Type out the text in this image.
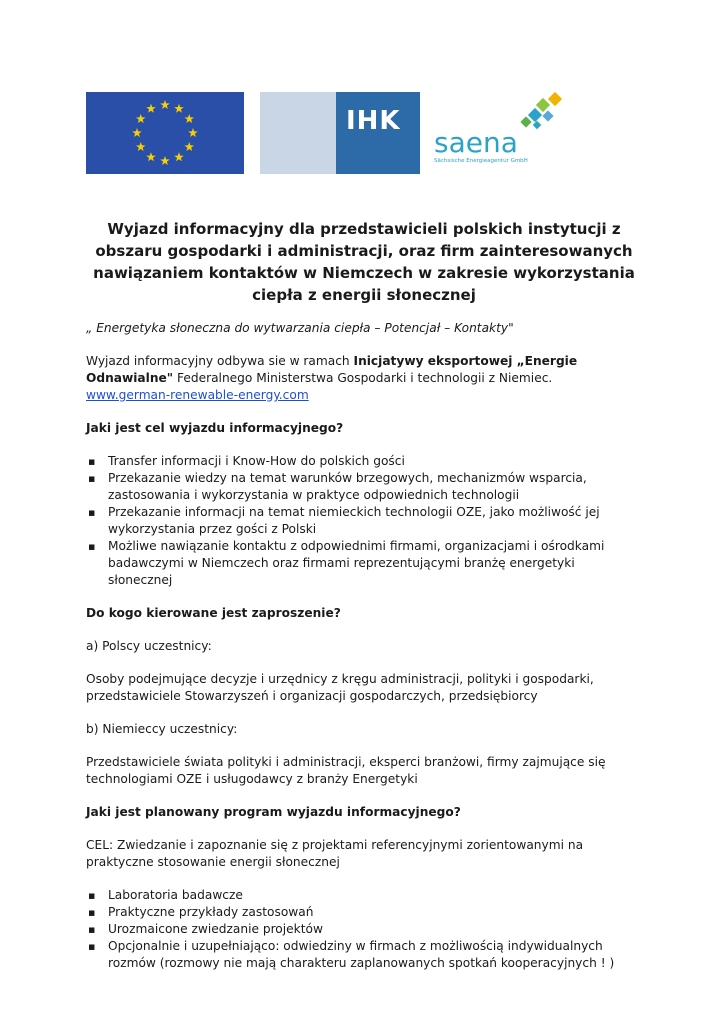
IHK
saena
Sächsische Energieagentur GmbH

Wyjazd informacyjny dla przedstawicieli polskich instytucji z obszaru gospodarki i administracji, oraz firm zainteresowanych nawiązaniem kontaktów w Niemczech w zakresie wykorzystania ciepła z energii słonecznej

„ Energetyka słoneczna do wytwarzania ciepła – Potencjał – Kontakty"

Wyjazd informacyjny odbywa sie w ramach Inicjatywy eksportowej „Energie Odnawialne" Federalnego Ministerstwa Gospodarki i technologii z Niemiec.
www.german-renewable-energy.com

Jaki jest cel wyjazdu informacyjnego?

▪ Transfer informacji i Know-How do polskich gości
▪ Przekazanie wiedzy na temat warunków brzegowych, mechanizmów wsparcia, zastosowania i wykorzystania w praktyce odpowiednich technologii
▪ Przekazanie informacji na temat niemieckich technologii OZE, jako możliwość jej wykorzystania przez gości z Polski
▪ Możliwe nawiązanie kontaktu z odpowiednimi firmami, organizacjami i ośrodkami badawczymi w Niemczech oraz firmami reprezentującymi branżę energetyki słonecznej

Do kogo kierowane jest zaproszenie?

a) Polscy uczestnicy:

Osoby podejmujące decyzje i urzędnicy z kręgu administracji, polityki i gospodarki, przedstawiciele Stowarzyszeń i organizacji gospodarczych, przedsiębiorcy

b) Niemieccy uczestnicy:

Przedstawiciele świata polityki i administracji, eksperci branżowi, firmy zajmujące się technologiami OZE i usługodawcy z branży Energetyki

Jaki jest planowany program wyjazdu informacyjnego?

CEL: Zwiedzanie i zapoznanie się z projektami referencyjnymi zorientowanymi na praktyczne stosowanie energii słonecznej

▪ Laboratoria badawcze
▪ Praktyczne przykłady zastosowań
▪ Urozmaicone zwiedzanie projektów
▪ Opcjonalnie i uzupełniająco: odwiedziny w firmach z możliwością indywidualnych rozmów (rozmowy nie mają charakteru zaplanowanych spotkań kooperacyjnych ! )
